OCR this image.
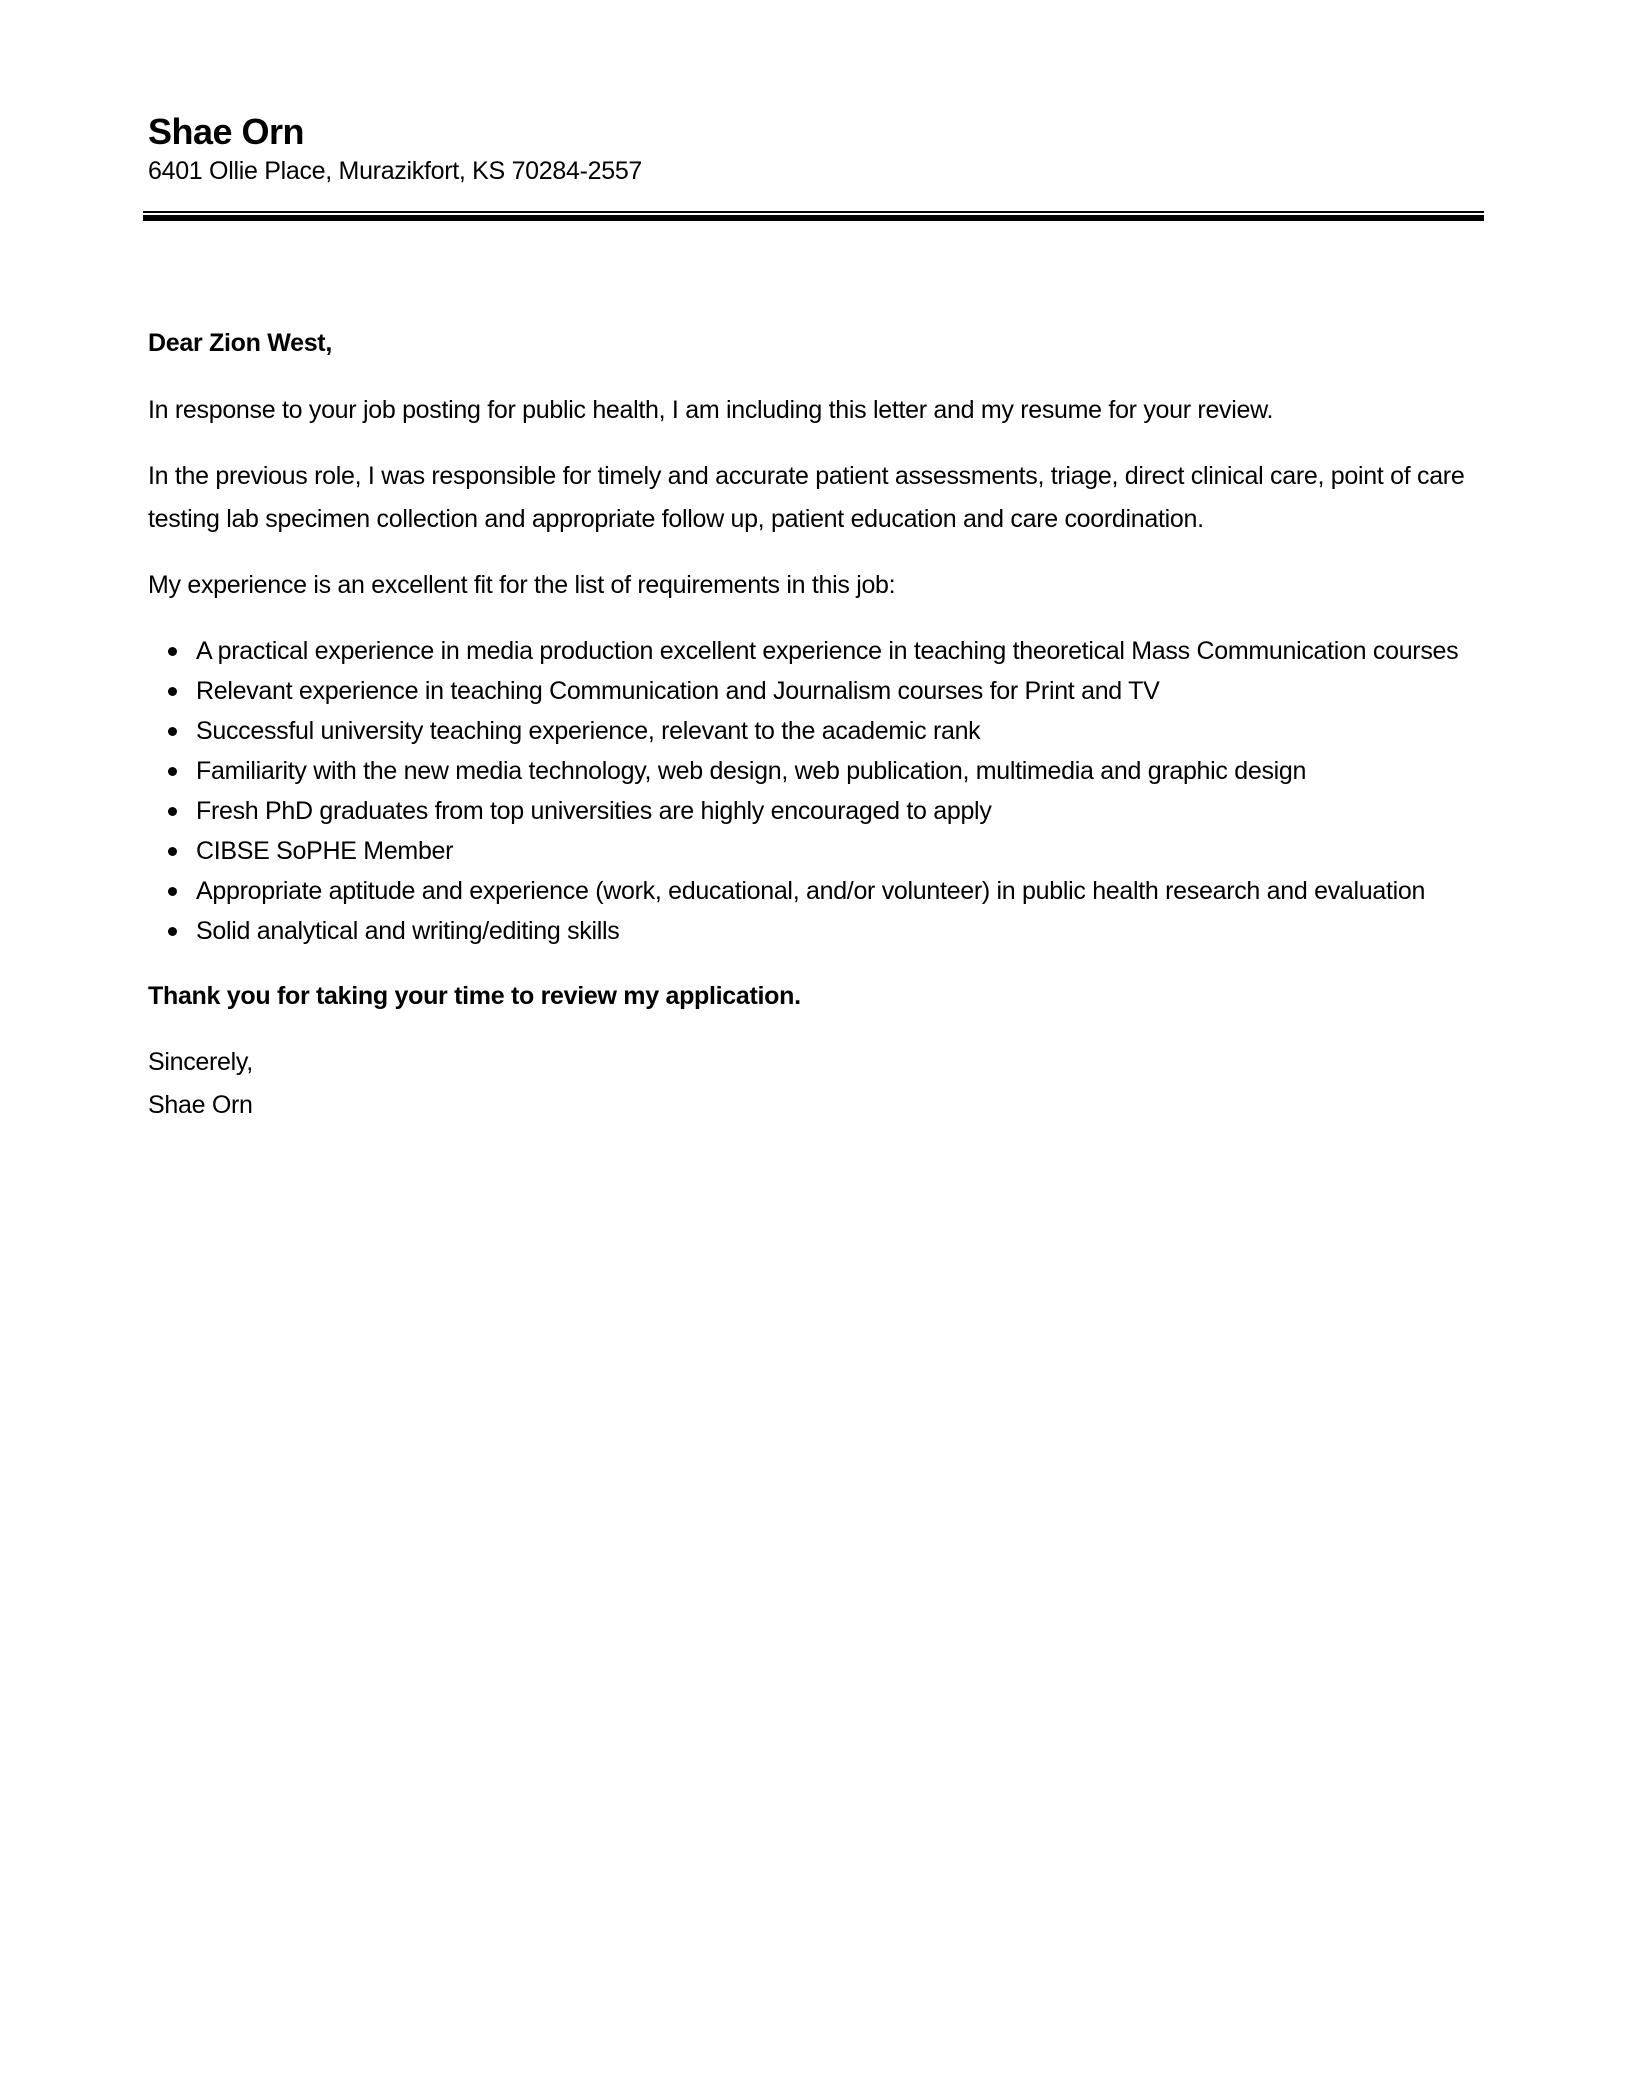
Shae Orn
6401 Ollie Place, Murazikfort, KS 70284-2557

Dear Zion West,

In response to your job posting for public health, I am including this letter and my resume for your review.

In the previous role, I was responsible for timely and accurate patient assessments, triage, direct clinical care, point of care testing lab specimen collection and appropriate follow up, patient education and care coordination.

My experience is an excellent fit for the list of requirements in this job:

A practical experience in media production excellent experience in teaching theoretical Mass Communication courses
Relevant experience in teaching Communication and Journalism courses for Print and TV
Successful university teaching experience, relevant to the academic rank
Familiarity with the new media technology, web design, web publication, multimedia and graphic design
Fresh PhD graduates from top universities are highly encouraged to apply
CIBSE SoPHE Member
Appropriate aptitude and experience (work, educational, and/or volunteer) in public health research and evaluation
Solid analytical and writing/editing skills

Thank you for taking your time to review my application.

Sincerely,
Shae Orn
